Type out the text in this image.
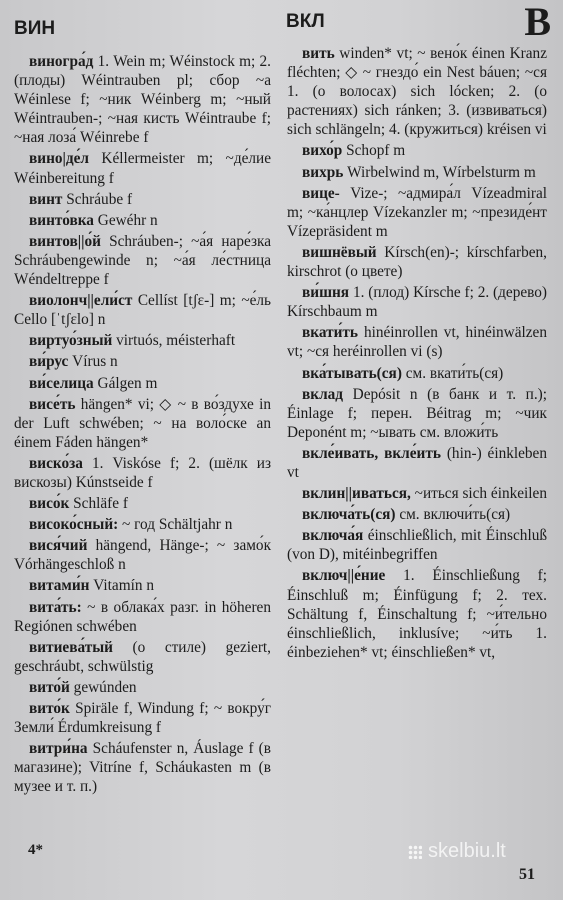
ВИН	ВКЛ	В
виногра́д 1. Wein m; Wéinstock m; 2. (плоды) Wéintrauben pl; сбор ~а Wéinlese f; ~ник Wéinberg m; ~ный Wéintrauben-; ~ная кисть Wéintraube f; ~ная лоза́ Wéinrebe f
вино|де́л Kéllermeister m; ~де́лие Wéinbereitung f
винт Schráube f
винто́вка Gewéhr n
винтов||о́й Schráuben-; ~а́я наре́зка Schráubengewinde n; ~а́я ле́стница Wéndeltreppe f
виолонч||ели́ст Cellíst [tʃɛ-] m; ~е́ль Cello [ˈtʃɛlo] n
виртуо́зный virtuós, méisterhaft
ви́рус Vírus n
ви́селица Gálgen m
висе́ть hängen* vi; ◇ ~ в во́здухе in der Luft schwében; ~ на воло́ске an éinem Fáden hängen*
виско́за 1. Viskóse f; 2. (шёлк из вискозы) Kúnstseide f
висо́к Schläfe f
високо́сный: ~ год Schältjahr n
вися́чий hängend, Hänge-; ~ замо́к Vórhängeschloß n
витами́н Vitamín n
вита́ть: ~ в облака́х разг. in höheren Regiónen schwében
витиева́тый (о стиле) geziert, geschráubt, schwülstig
вито́й gewúnden
вито́к Spiräle f, Windung f; ~ вокру́г Земли́ Érdumkreisung f
витри́на Scháufenster n, Áuslage f (в магазине); Vitríne f, Scháukasten m (в музее и т. п.)
вить winden* vt; ~ вено́к éinen Kranz fléchten; ◇ ~ гнездо́ ein Nest báuen; ~ся 1. (о волосах) sich lócken; 2. (о растениях) sich ránken; 3. (извиваться) sich schlängeln; 4. (кружиться) kréisen vi
вихо́р Schopf m
вихрь Wirbelwind m, Wírbelsturm m
вице- Vize-; ~адмира́л Vízeadmiral m; ~ка́нцлер Vízekanzler m; ~президе́нт Vízepräsident m
вишнёвый Kírsch(en)-; kírschfarben, kirschrot (о цвете)
ви́шня 1. (плод) Kírsche f; 2. (дерево) Kírschbaum m
вкати́ть hinéinrollen vt, hinéinwälzen vt; ~ся heréinrollen vi (s)
вка́тывать(ся) см. вкати́ть(ся)
вклад Depósit n (в банк и т. п.); Éinlage f; перен. Béitrag m; ~чик Deponént m; ~ывать см. вложи́ть
вкле́ивать, вкле́ить (hin-) éinkleben vt
вклин||иваться, ~иться sich éinkeilen
включа́ть(ся) см. включи́ть(ся)
включа́я éinschließlich, mit Éinschluß (von D), mitéinbegriffen
включ||е́ние 1. Éinschließung f; Éinschluß m; Éinfügung f; 2. тех. Schältung f, Éinschaltung f; ~и́тельно éinschließlich, inklusíve; ~и́ть 1. éinbeziehen* vt; éinschließen* vt,
4*
51
skelbiu.lt
